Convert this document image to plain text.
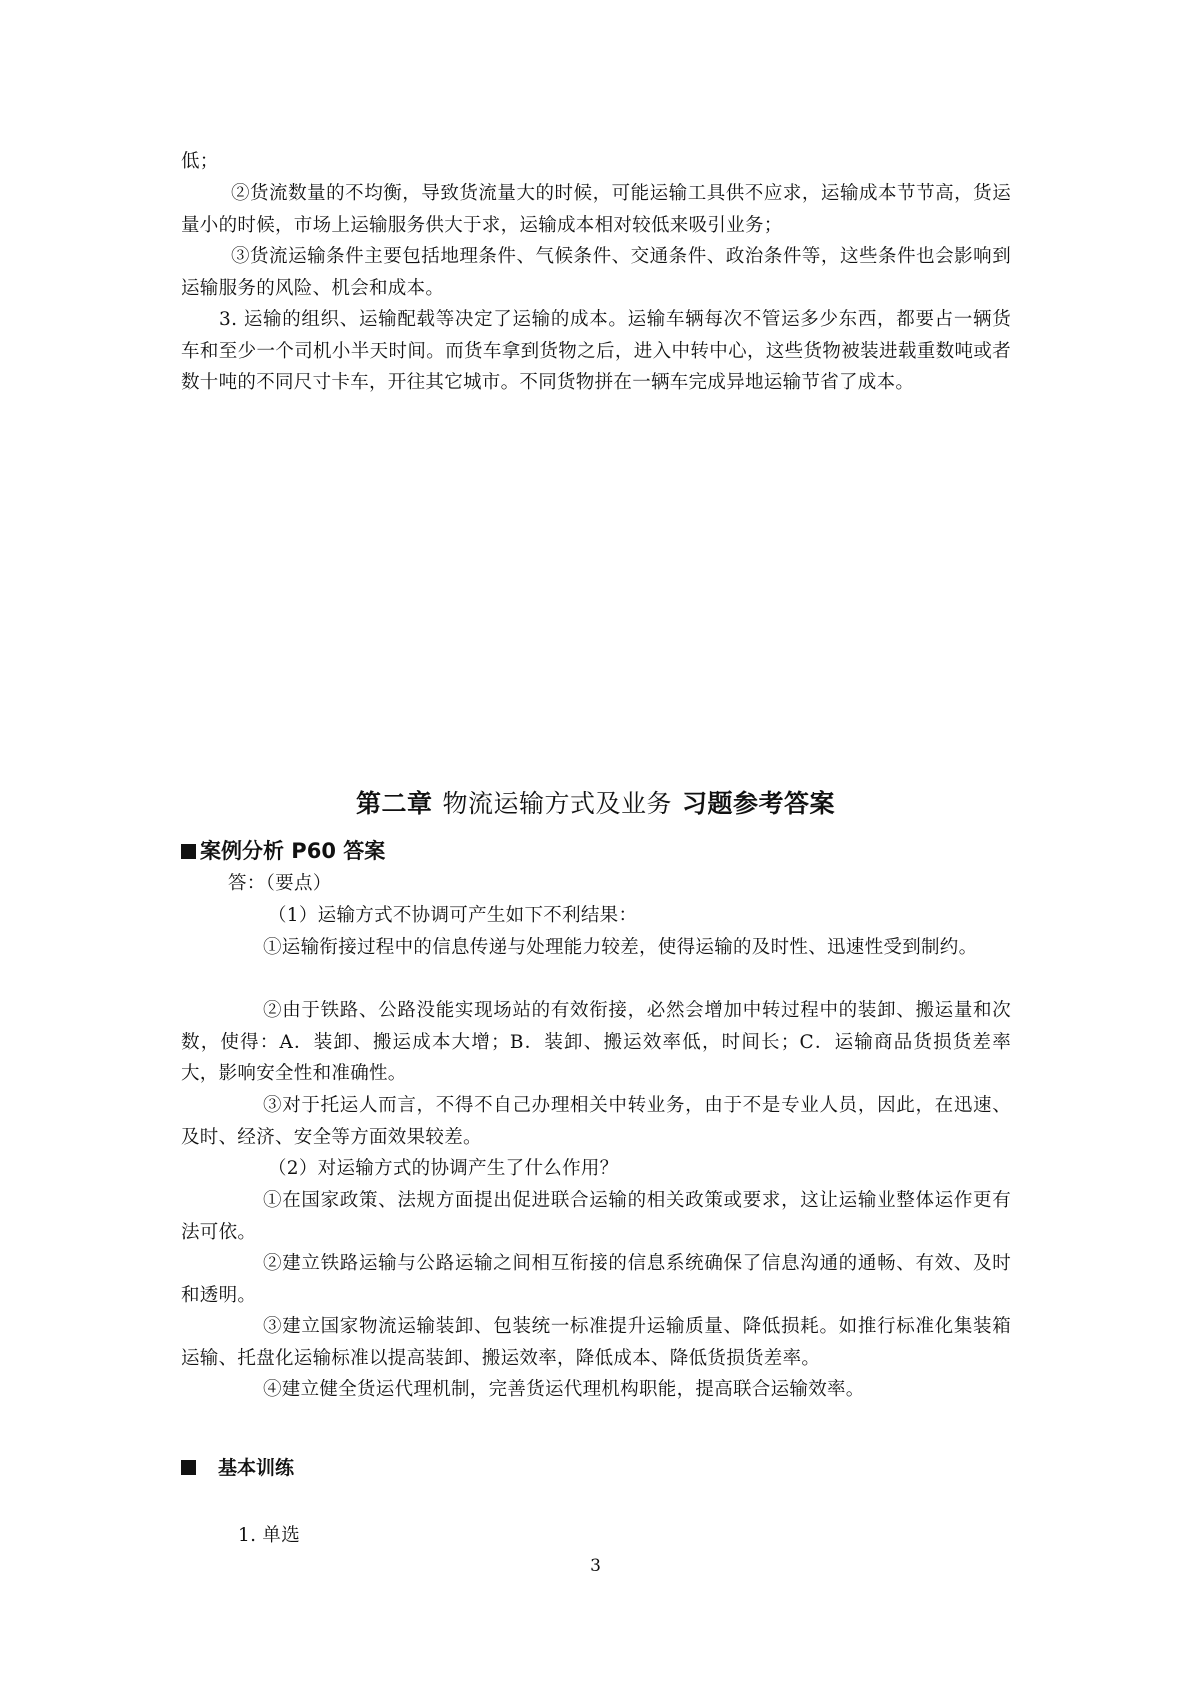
低；
②货流数量的不均衡，导致货流量大的时候，可能运输工具供不应求，运输成本节节高，货运量小的时候，市场上运输服务供大于求，运输成本相对较低来吸引业务；
③货流运输条件主要包括地理条件、气候条件、交通条件、政治条件等，这些条件也会影响到运输服务的风险、机会和成本。
3. 运输的组织、运输配载等决定了运输的成本。运输车辆每次不管运多少东西，都要占一辆货车和至少一个司机小半天时间。而货车拿到货物之后，进入中转中心，这些货物被装进载重数吨或者数十吨的不同尺寸卡车，开往其它城市。不同货物拼在一辆车完成异地运输节省了成本。
第二章 物流运输方式及业务 习题参考答案
案例分析 P60 答案
答：（要点）
（1）运输方式不协调可产生如下不利结果：
①运输衔接过程中的信息传递与处理能力较差，使得运输的及时性、迅速性受到制约。
②由于铁路、公路没能实现场站的有效衔接，必然会增加中转过程中的装卸、搬运量和次数，使得：A．装卸、搬运成本大增；B．装卸、搬运效率低，时间长；C．运输商品货损货差率大，影响安全性和准确性。
③对于托运人而言，不得不自己办理相关中转业务，由于不是专业人员，因此，在迅速、及时、经济、安全等方面效果较差。
（2）对运输方式的协调产生了什么作用？
①在国家政策、法规方面提出促进联合运输的相关政策或要求，这让运输业整体运作更有法可依。
②建立铁路运输与公路运输之间相互衔接的信息系统确保了信息沟通的通畅、有效、及时和透明。
③建立国家物流运输装卸、包装统一标准提升运输质量、降低损耗。如推行标准化集装箱运输、托盘化运输标准以提高装卸、搬运效率，降低成本、降低货损货差率。
④建立健全货运代理机制，完善货运代理机构职能，提高联合运输效率。
基本训练
1. 单选
3
